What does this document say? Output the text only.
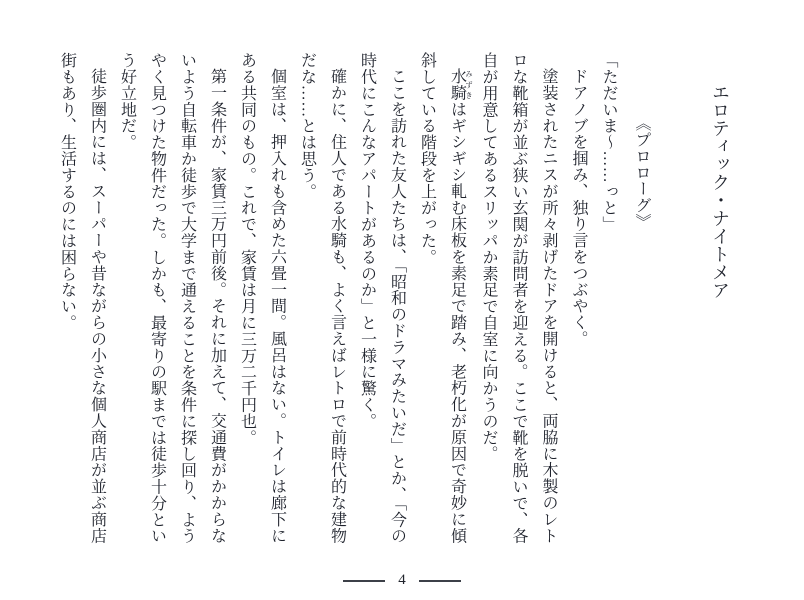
エロティック・ナイトメア
《プロローグ》

「ただいま～……っと」

ドアノブを掴み、独り言をつぶやく。

塗装されたニスが所々剥げたドアを開けると、両脇に木製のレトロな靴箱が並ぶ狭い玄関が訪問者を迎える。ここで靴を脱いで、各自が用意してあるスリッパか素足で自室に向かうのだ。

水騎 みずきはギシギシ軋む床板を素足で踏み、老朽化が原因で奇妙に傾斜している階段を上がった。

ここを訪れた友人たちは、「昭和のドラマみたいだ」とか、「今の時代にこんなアパートがあるのか」と一様に驚く。

確かに、住人である水騎も、よく言えばレトロで前時代的な建物だな……とは思う。

個室は、押入れも含めた六畳一間。風呂はない。トイレは廊下にある共同のもの。これで、家賃は月に三万二千円也。

第一条件が、家賃三万円前後。それに加えて、交通費がかからないよう自転車か徒歩で大学まで通えることを条件に探し回り、ようやく見つけた物件だった。しかも、最寄りの駅までは徒歩十分という好立地だ。

徒歩圏内には、スーパーや昔ながらの小さな個人商店が並ぶ商店街もあり、生活するのには困らない。

4
